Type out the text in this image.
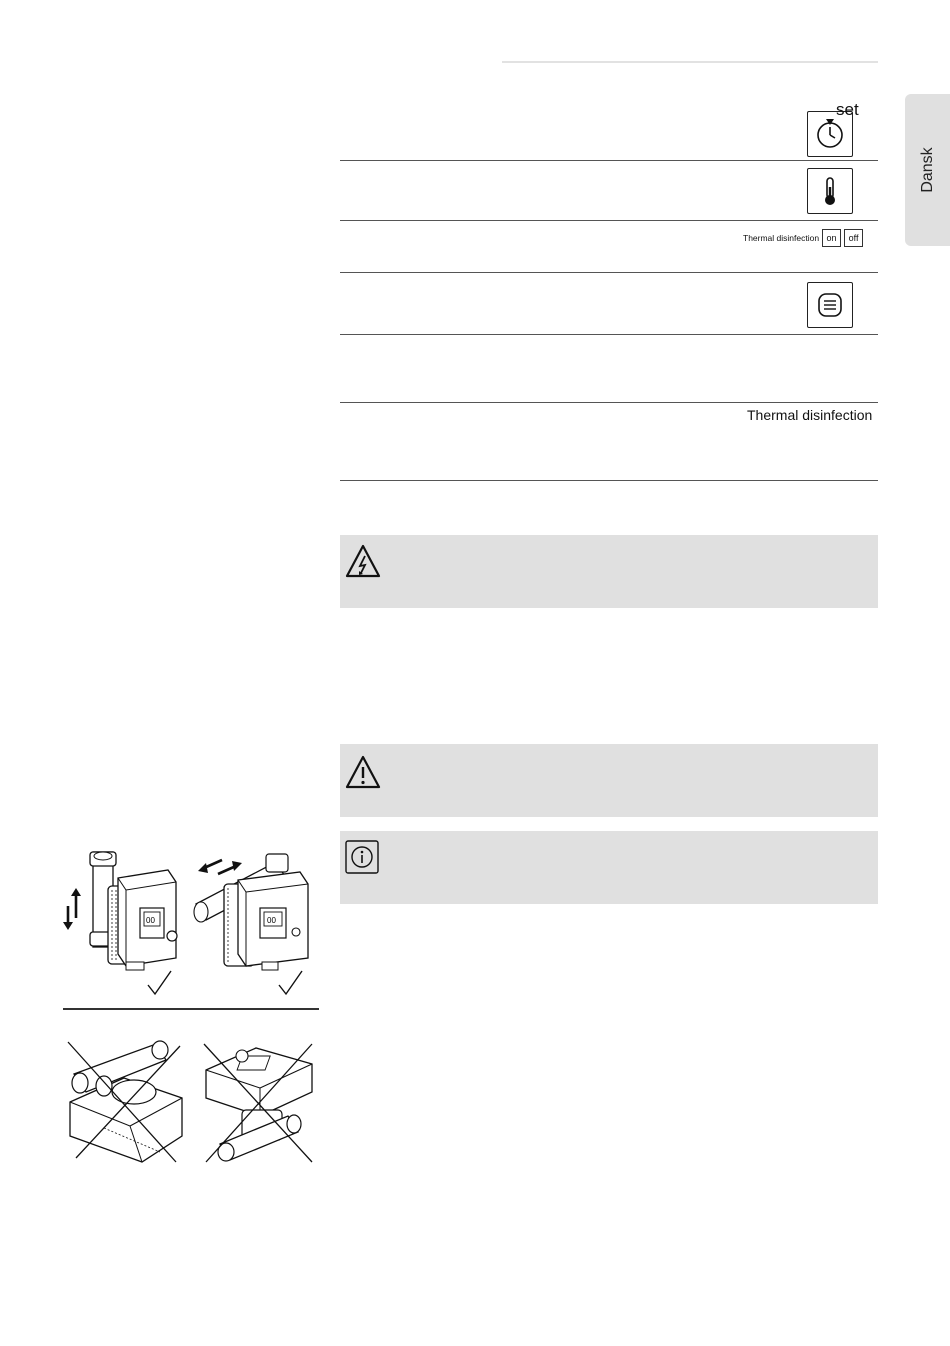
Dansk
set
Thermal disinfection on	off
Thermal disinfection
00	00
